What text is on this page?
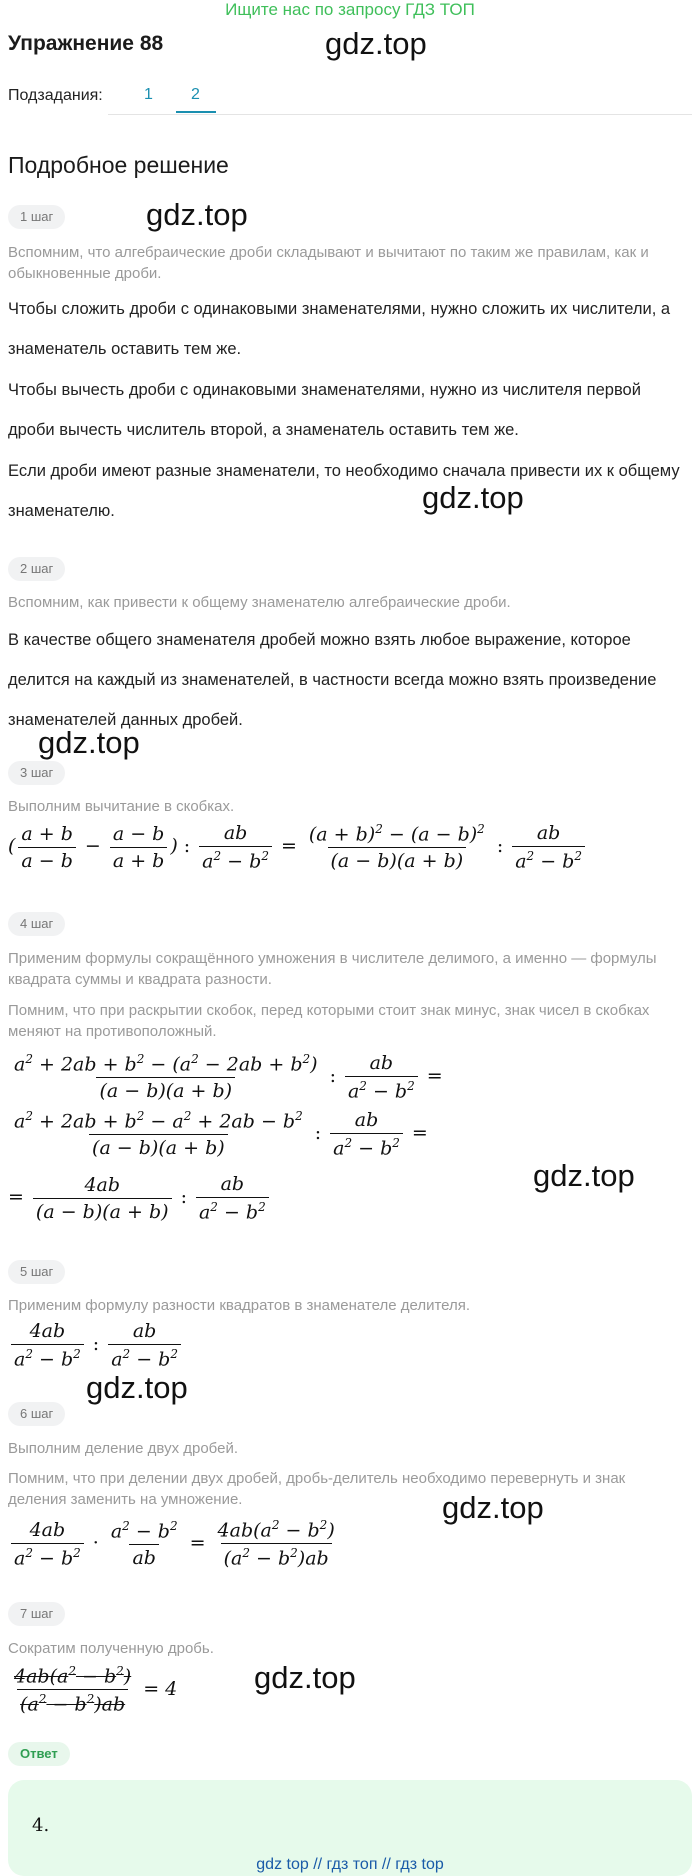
Ищите нас по запросу ГДЗ ТОП
Упражнение 88	gdz.top
Подзадания:	1 2
Подробное решение
1 шаг	gdz.top
Вспомним, что алгебраические дроби складывают и вычитают по таким же правилам, как и обыкновенные дроби.
Чтобы сложить дроби с одинаковыми знаменателями, нужно сложить их числители, а знаменатель оставить тем же.
Чтобы вычесть дроби с одинаковыми знаменателями, нужно из числителя первой дроби вычесть числитель второй, а знаменатель оставить тем же.
Если дроби имеют разные знаменатели, то необходимо сначала привести их к общему знаменателю.	gdz.top
2 шаг
Вспомним, как привести к общему знаменателю алгебраические дроби.
В качестве общего знаменателя дробей можно взять любое выражение, которое делится на каждый из знаменателей, в частности всегда можно взять произведение знаменателей данных дробей.
gdz.top
3 шаг
Выполним вычитание в скобках.
( $\frac{a + b}{a - b} - \frac{a - b}{a + b}$ ) : $\frac{ab}{a^2 - b^2} = \frac{(a + b)^2 - (a - b)^2}{(a - b)(a + b)}$ : $\frac{ab}{a^2 - b^2}$
4 шаг
Применим формулы сокращённого умножения в числителе делимого, а именно — формулы квадрата суммы и квадрата разности.
Помним, что при раскрытии скобок, перед которыми стоит знак минус, знак чисел в скобках меняют на противоположный.
$\frac{a^2 + 2ab + b^2 - (a^2 - 2ab + b^2)}{(a - b)(a + b)}$ : $\frac{ab}{a^2 - b^2}$ =
$\frac{a^2 + 2ab + b^2 - a^2 + 2ab - b^2}{(a - b)(a + b)}$ : $\frac{ab}{a^2 - b^2}$ =
= $\frac{4ab}{(a - b)(a + b)}$ : $\frac{ab}{a^2 - b^2}$	gdz.top
5 шаг
Применим формулу разности квадратов в знаменателе делителя.
$\frac{4ab}{a^2 - b^2}$ : $\frac{ab}{a^2 - b^2}$
gdz.top
6 шаг
Выполним деление двух дробей.
Помним, что при делении двух дробей, дробь-делитель необходимо перевернуть и знак деления заменить на умножение.	gdz.top
$\frac{4ab}{a^2 - b^2} \cdot \frac{a^2 - b^2}{ab} = \frac{4ab(a^2 - b^2)}{(a^2 - b^2)ab}$
7 шаг
Сократим полученную дробь.
$\frac{4ab(a^2 - b^2)}{(a^2 - b^2)ab} = 4$ gdz.top
Ответ
4.
gdz top // гдз топ // гдз top
